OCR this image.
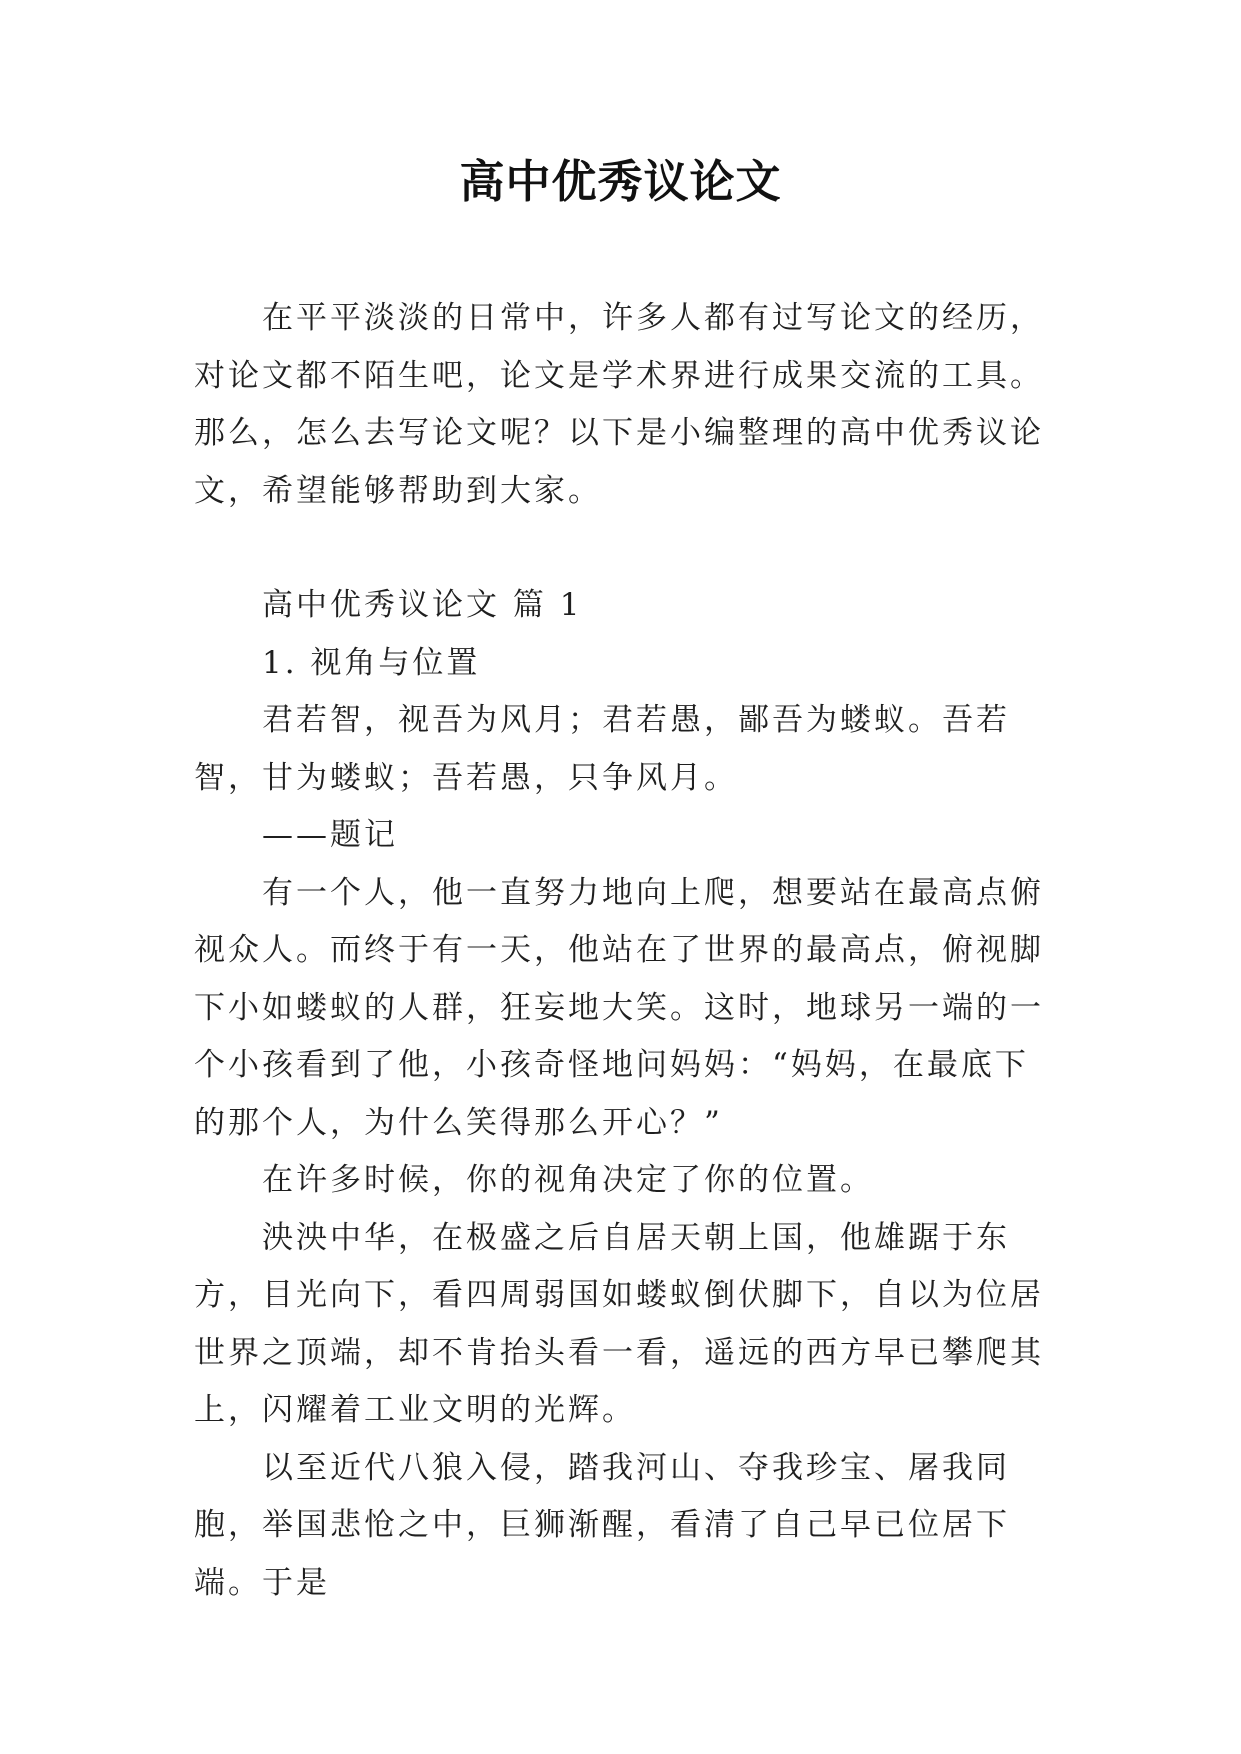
高中优秀议论文

在平平淡淡的日常中，许多人都有过写论文的经历，对论文都不陌生吧，论文是学术界进行成果交流的工具。那么，怎么去写论文呢？以下是小编整理的高中优秀议论文，希望能够帮助到大家。

高中优秀议论文 篇 1

1. 视角与位置

君若智，视吾为风月；君若愚，鄙吾为蝼蚁。吾若智，甘为蝼蚁；吾若愚，只争风月。

——题记

有一个人，他一直努力地向上爬，想要站在最高点俯视众人。而终于有一天，他站在了世界的最高点，俯视脚下小如蝼蚁的人群，狂妄地大笑。这时，地球另一端的一个小孩看到了他，小孩奇怪地问妈妈：“妈妈，在最底下的那个人，为什么笑得那么开心？”

在许多时候，你的视角决定了你的位置。

泱泱中华，在极盛之后自居天朝上国，他雄踞于东方，目光向下，看四周弱国如蝼蚁倒伏脚下，自以为位居世界之顶端，却不肯抬头看一看，遥远的西方早已攀爬其上，闪耀着工业文明的光辉。

以至近代八狼入侵，踏我河山、夺我珍宝、屠我同胞，举国悲怆之中，巨狮渐醒，看清了自己早已位居下端。于是
